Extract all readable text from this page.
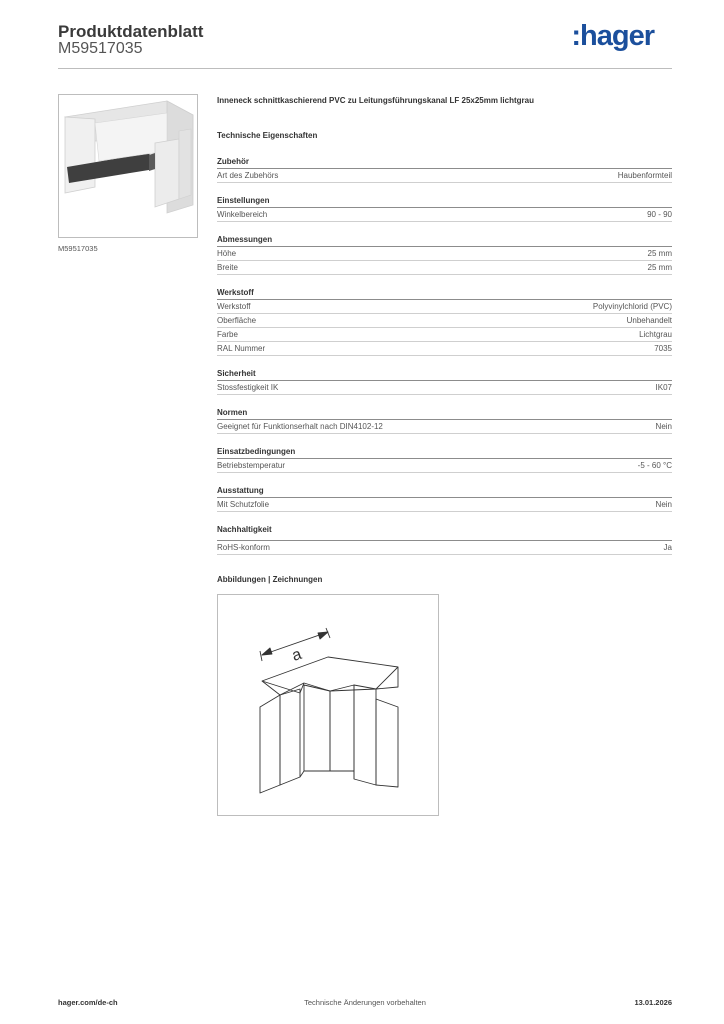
Produktdatenblatt
M59517035	:hager
M59517035
Inneneck schnittkaschierend PVC zu Leitungsführungskanal LF 25x25mm lichtgrau
Technische Eigenschaften
Zubehör
Art des Zubehörs	Haubenformteil
Einstellungen
Winkelbereich	90 - 90
Abmessungen
Höhe	25 mm
Breite	25 mm
Werkstoff
Werkstoff	Polyvinylchlorid (PVC)
Oberfläche	Unbehandelt
Farbe	Lichtgrau
RAL Nummer	7035
Sicherheit
Stossfestigkeit IK	IK07
Normen
Geeignet für Funktionserhalt nach DIN4102-12	Nein
Einsatzbedingungen
Betriebstemperatur	-5 - 60 °C
Ausstattung
Mit Schutzfolie	Nein
Nachhaltigkeit
RoHS-konform	Ja
Abbildungen | Zeichnungen
a
hager.com/de-ch	Technische Änderungen vorbehalten	13.01.2026
